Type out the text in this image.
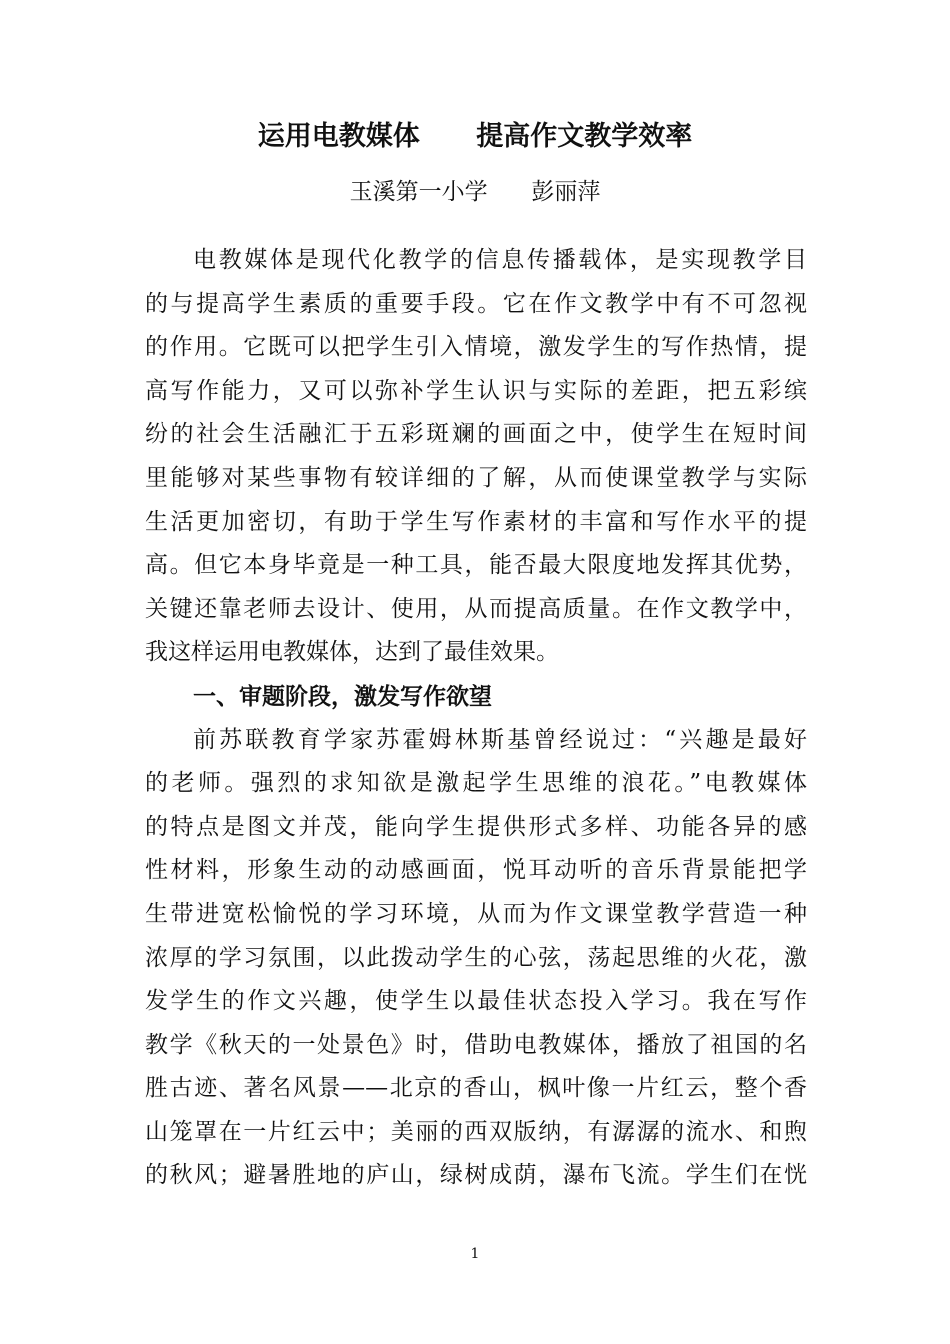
运用电教媒体      提高作文教学效率

玉溪第一小学      彭丽萍

电教媒体是现代化教学的信息传播载体，是实现教学目
的与提高学生素质的重要手段。它在作文教学中有不可忽视
的作用。它既可以把学生引入情境，激发学生的写作热情，提
高写作能力，又可以弥补学生认识与实际的差距，把五彩缤
纷的社会生活融汇于五彩斑斓的画面之中，使学生在短时间
里能够对某些事物有较详细的了解，从而使课堂教学与实际
生活更加密切，有助于学生写作素材的丰富和写作水平的提
高。但它本身毕竟是一种工具，能否最大限度地发挥其优势，
关键还靠老师去设计、使用，从而提高质量。在作文教学中，
我这样运用电教媒体，达到了最佳效果。
一、审题阶段，激发写作欲望
前苏联教育学家苏霍姆林斯基曾经说过：“兴趣是最好
的老师。强烈的求知欲是激起学生思维的浪花。”电教媒体
的特点是图文并茂，能向学生提供形式多样、功能各异的感
性材料，形象生动的动感画面，悦耳动听的音乐背景能把学
生带进宽松愉悦的学习环境，从而为作文课堂教学营造一种
浓厚的学习氛围，以此拨动学生的心弦，荡起思维的火花，激
发学生的作文兴趣，使学生以最佳状态投入学习。我在写作
教学《秋天的一处景色》时，借助电教媒体，播放了祖国的名
胜古迹、著名风景——北京的香山，枫叶像一片红云，整个香
山笼罩在一片红云中；美丽的西双版纳，有潺潺的流水、和煦
的秋风；避暑胜地的庐山，绿树成荫，瀑布飞流。学生们在恍

1
